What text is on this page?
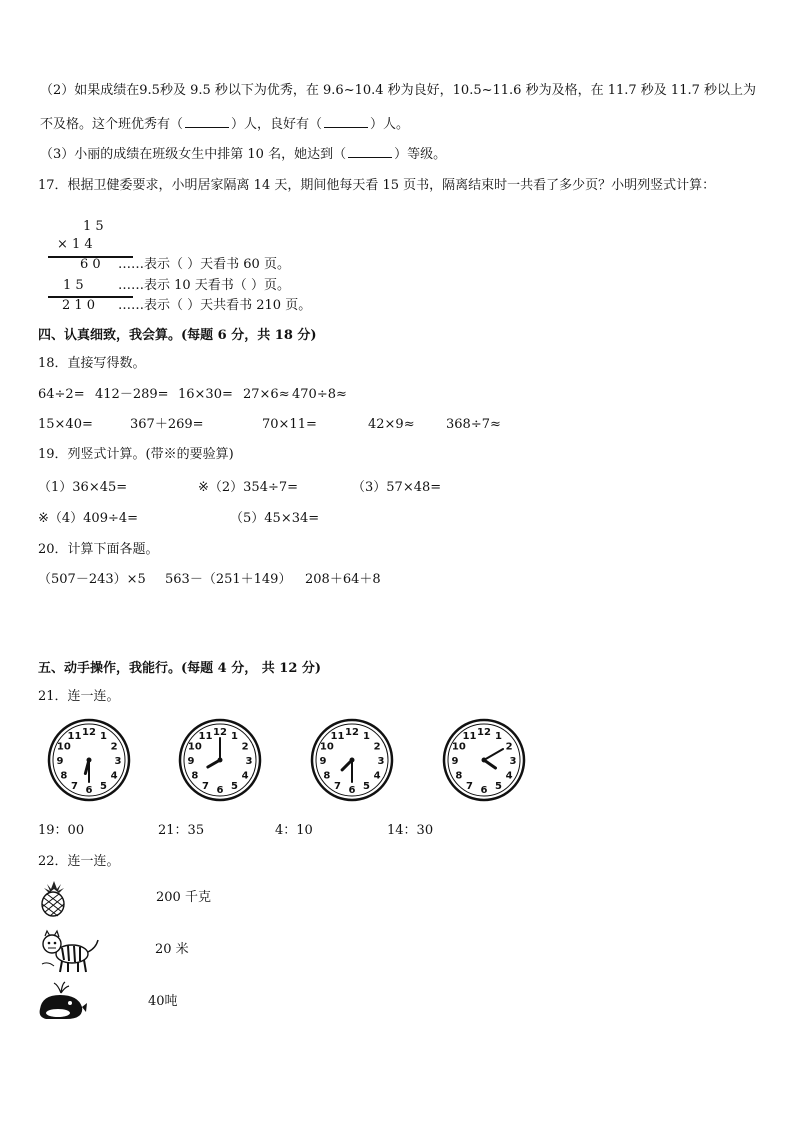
（2）如果成绩在9.5秒及 9.5 秒以下为优秀，在 9.6~10.4 秒为良好，10.5~11.6 秒为及格，在 11.7 秒及 11.7 秒以上为
不及格。这个班优秀有（	）人，良好有（	）人。
（3）小丽的成绩在班级女生中排第 10 名，她达到（	）等级。
17．根据卫健委要求，小明居家隔离 14 天，期间他每天看 15 页书，隔离结束时一共看了多少页？小明列竖式计算：
1 5
× 1 4
6 0 ……表示（ ）天看书 60 页。
1 5	……表示 10 天看书（ ）页。
2 1 0 ……表示（ ）天共看书 210 页。
四、认真细致，我会算。(每题 6 分，共 18 分)
18．直接写得数。
64÷2= 412－289= 16×30= 27×6≈ 470÷8≈
15×40=	367＋269=	70×11=	42×9≈ 368÷7≈
19．列竖式计算。(带※的要验算)
（1）36×45=	※（2）354÷7=	（3）57×48=
※（4）409÷4=	（5）45×34=
20．计算下面各题。
（507－243）×5 563－（251＋149） 208＋64＋8
五、动手操作，我能行。(每题 4 分， 共 12 分)
21．连一连。
1
2
3
4
5
6
7
8
9
10
11 12	1
2
3
4
5
6
7
8
9
10
11 12	1
2
3
4
5
6
7
8
9
10
11 12	1
2
3
4
5
6
7
8
9
10
11 12
19：00	21：35	4：10	14：30
22．连一连。
200 千克
20 米
40吨
